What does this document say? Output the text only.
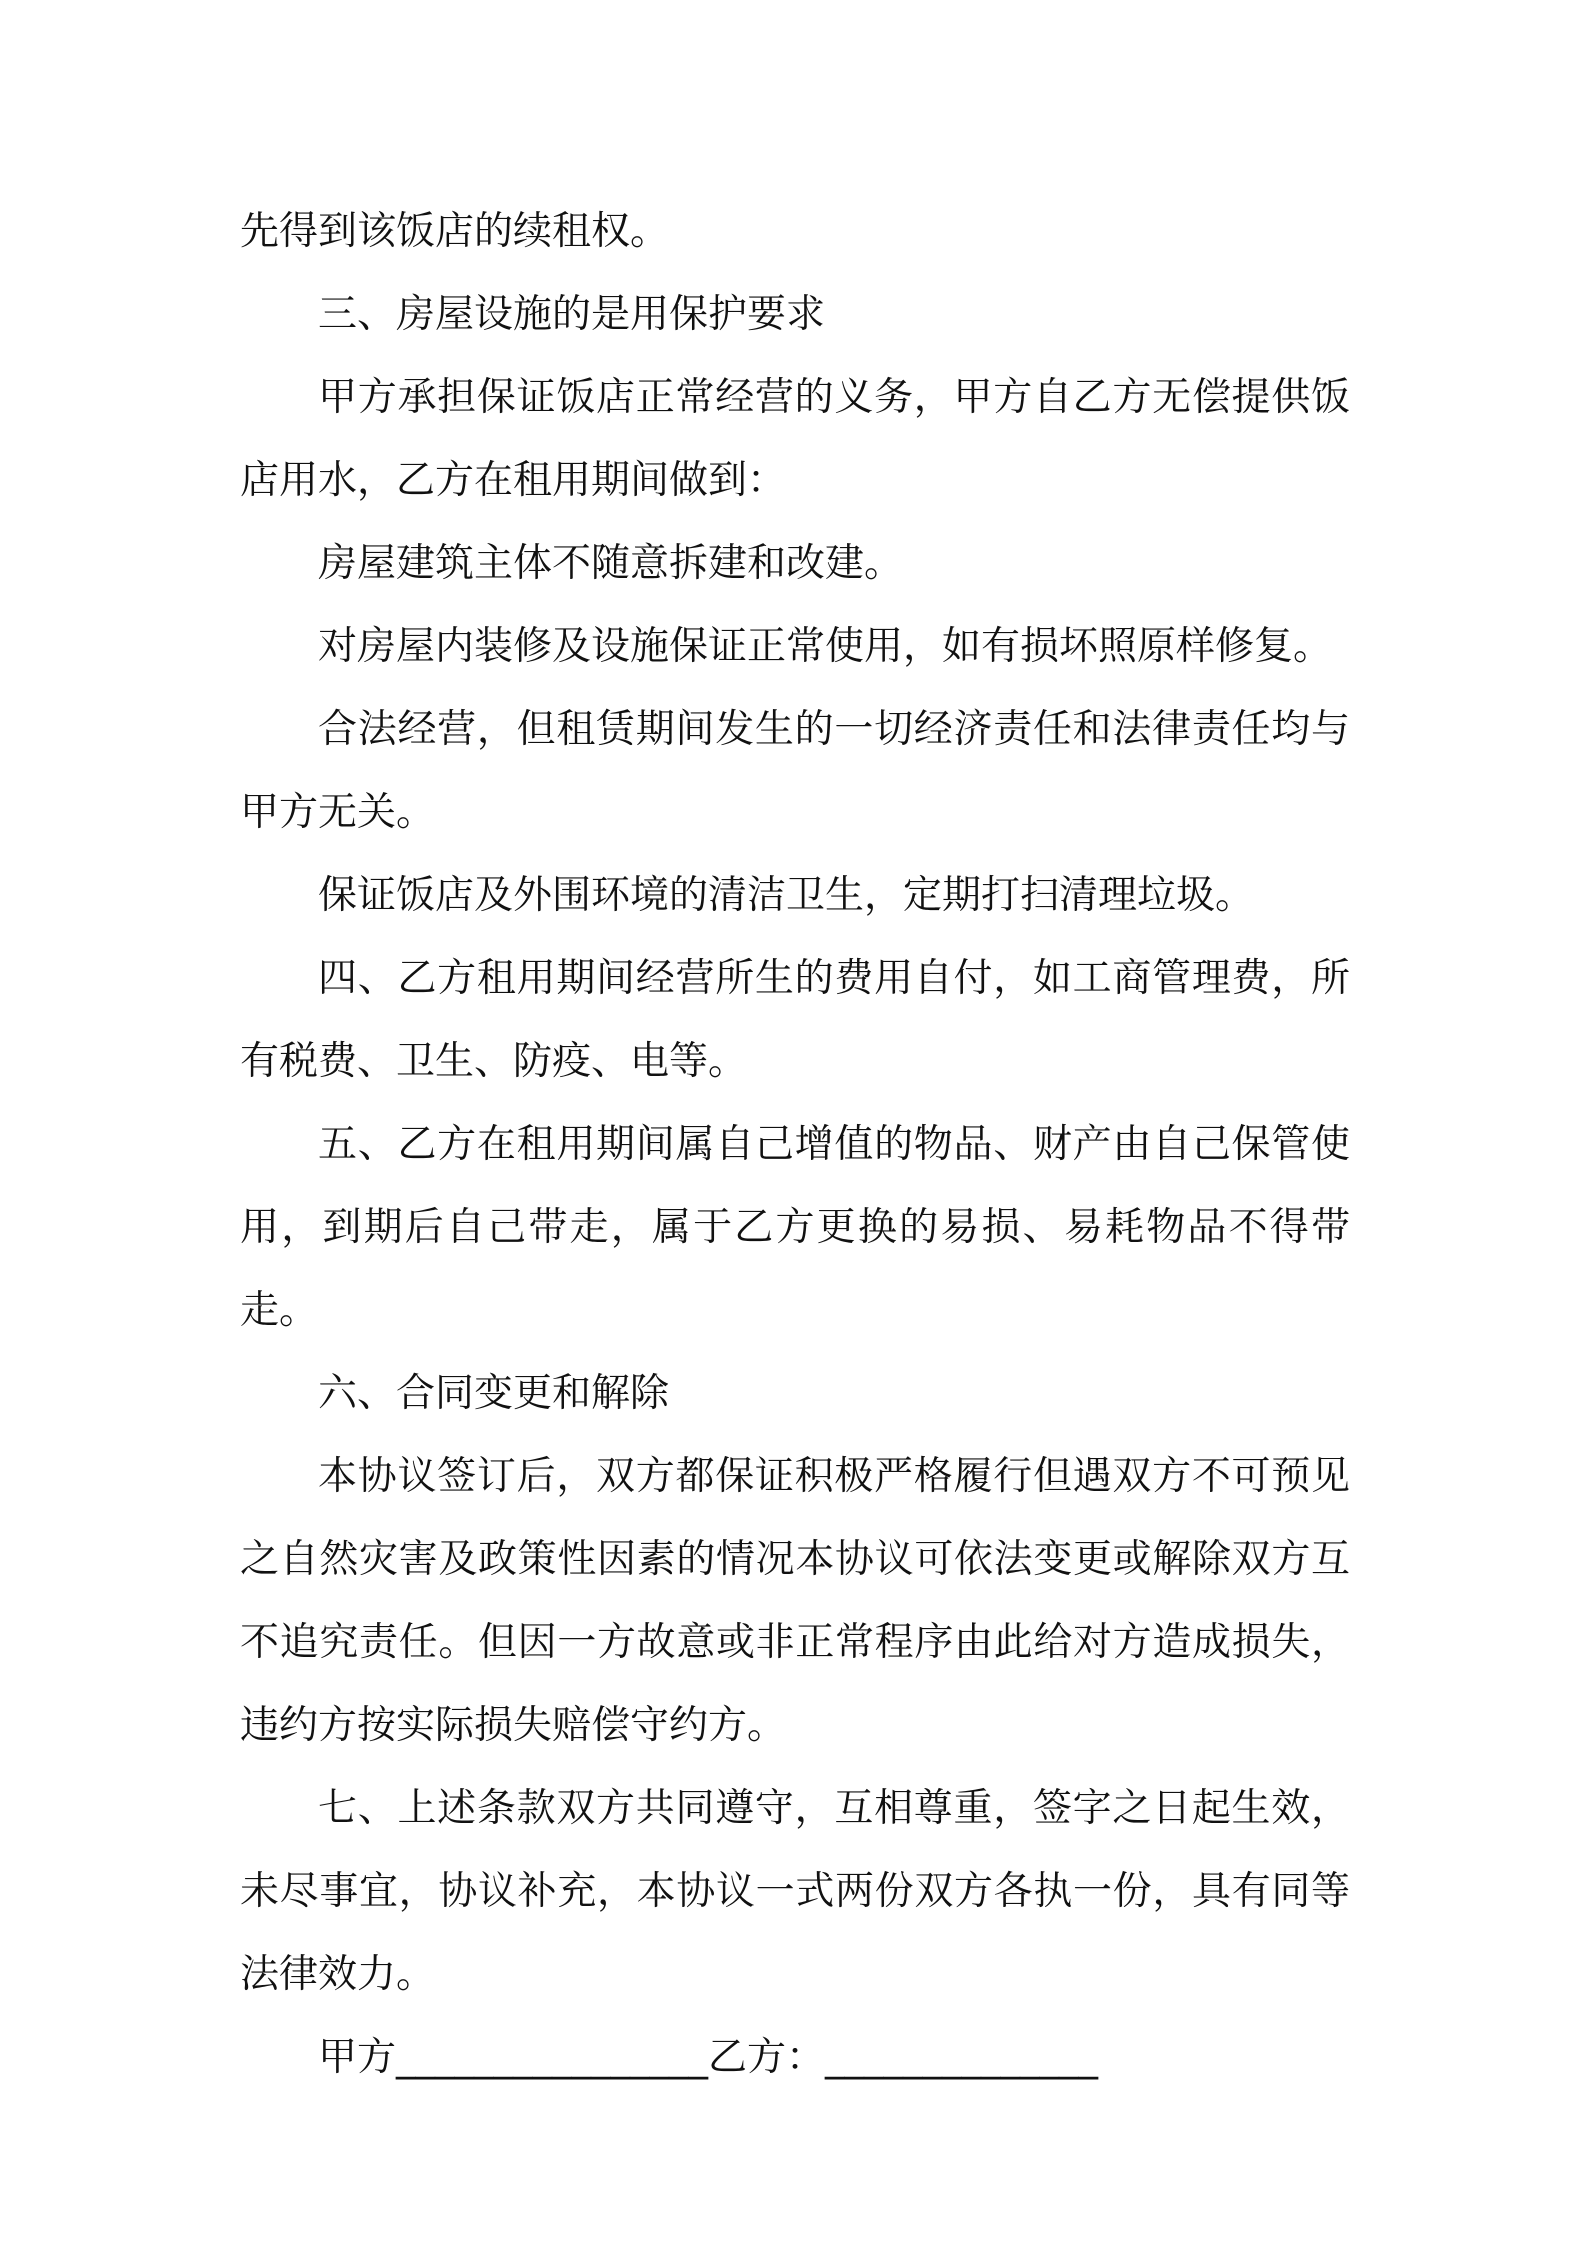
先得到该饭店的续租权。

三、房屋设施的是用保护要求

甲方承担保证饭店正常经营的义务，甲方自乙方无偿提供饭店用水，乙方在租用期间做到：

房屋建筑主体不随意拆建和改建。

对房屋内装修及设施保证正常使用，如有损坏照原样修复。

合法经营，但租赁期间发生的一切经济责任和法律责任均与甲方无关。

保证饭店及外围环境的清洁卫生，定期打扫清理垃圾。

四、乙方租用期间经营所生的费用自付，如工商管理费，所有税费、卫生、防疫、电等。

五、乙方在租用期间属自己增值的物品、财产由自己保管使用，到期后自己带走，属于乙方更换的易损、易耗物品不得带走。

六、合同变更和解除

本协议签订后，双方都保证积极严格履行但遇双方不可预见之自然灾害及政策性因素的情况本协议可依法变更或解除双方互不追究责任。但因一方故意或非正常程序由此给对方造成损失，违约方按实际损失赔偿守约方。

七、上述条款双方共同遵守，互相尊重，签字之日起生效，未尽事宜，协议补充，本协议一式两份双方各执一份，具有同等法律效力。

甲方________________乙方：______________
